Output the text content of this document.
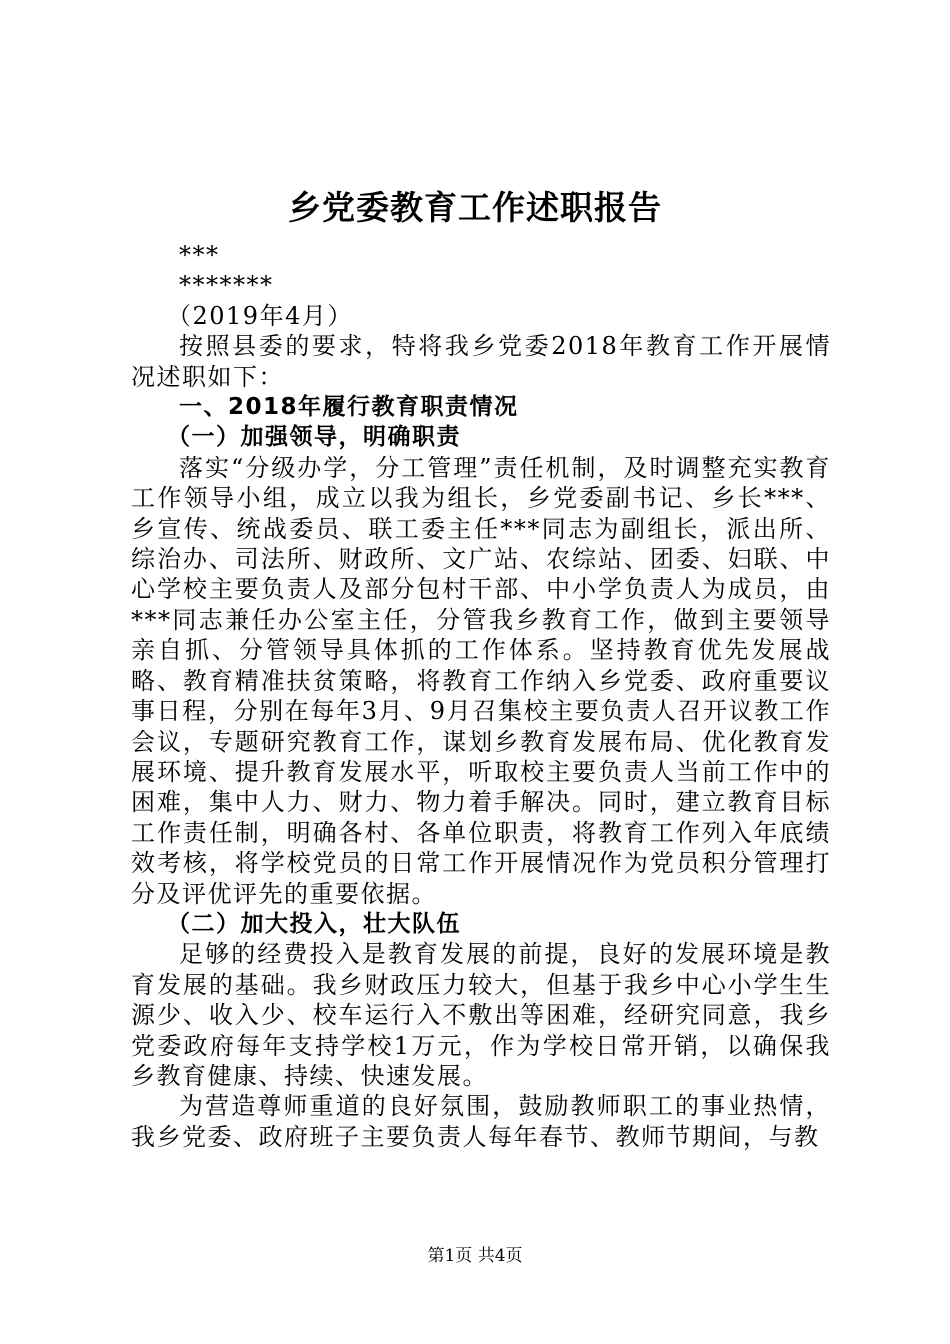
乡党委教育工作述职报告

***

*******

（2019年4月）

按照县委的要求，特将我乡党委2018年教育工作开展情况述职如下：

一、2018年履行教育职责情况

（一）加强领导，明确职责

落实“分级办学，分工管理”责任机制，及时调整充实教育工作领导小组，成立以我为组长，乡党委副书记、乡长***、乡宣传、统战委员、联工委主任***同志为副组长，派出所、综治办、司法所、财政所、文广站、农综站、团委、妇联、中心学校主要负责人及部分包村干部、中小学负责人为成员，由***同志兼任办公室主任，分管我乡教育工作，做到主要领导亲自抓、分管领导具体抓的工作体系。坚持教育优先发展战略、教育精准扶贫策略，将教育工作纳入乡党委、政府重要议事日程，分别在每年3月、9月召集校主要负责人召开议教工作会议，专题研究教育工作，谋划乡教育发展布局、优化教育发展环境、提升教育发展水平，听取校主要负责人当前工作中的困难，集中人力、财力、物力着手解决。同时，建立教育目标工作责任制，明确各村、各单位职责，将教育工作列入年底绩效考核，将学校党员的日常工作开展情况作为党员积分管理打分及评优评先的重要依据。

（二）加大投入，壮大队伍

足够的经费投入是教育发展的前提，良好的发展环境是教育发展的基础。我乡财政压力较大，但基于我乡中心小学生生源少、收入少、校车运行入不敷出等困难，经研究同意，我乡党委政府每年支持学校1万元，作为学校日常开销，以确保我乡教育健康、持续、快速发展。

为营造尊师重道的良好氛围，鼓励教师职工的事业热情，我乡党委、政府班子主要负责人每年春节、教师节期间，与教

第1页 共4页
